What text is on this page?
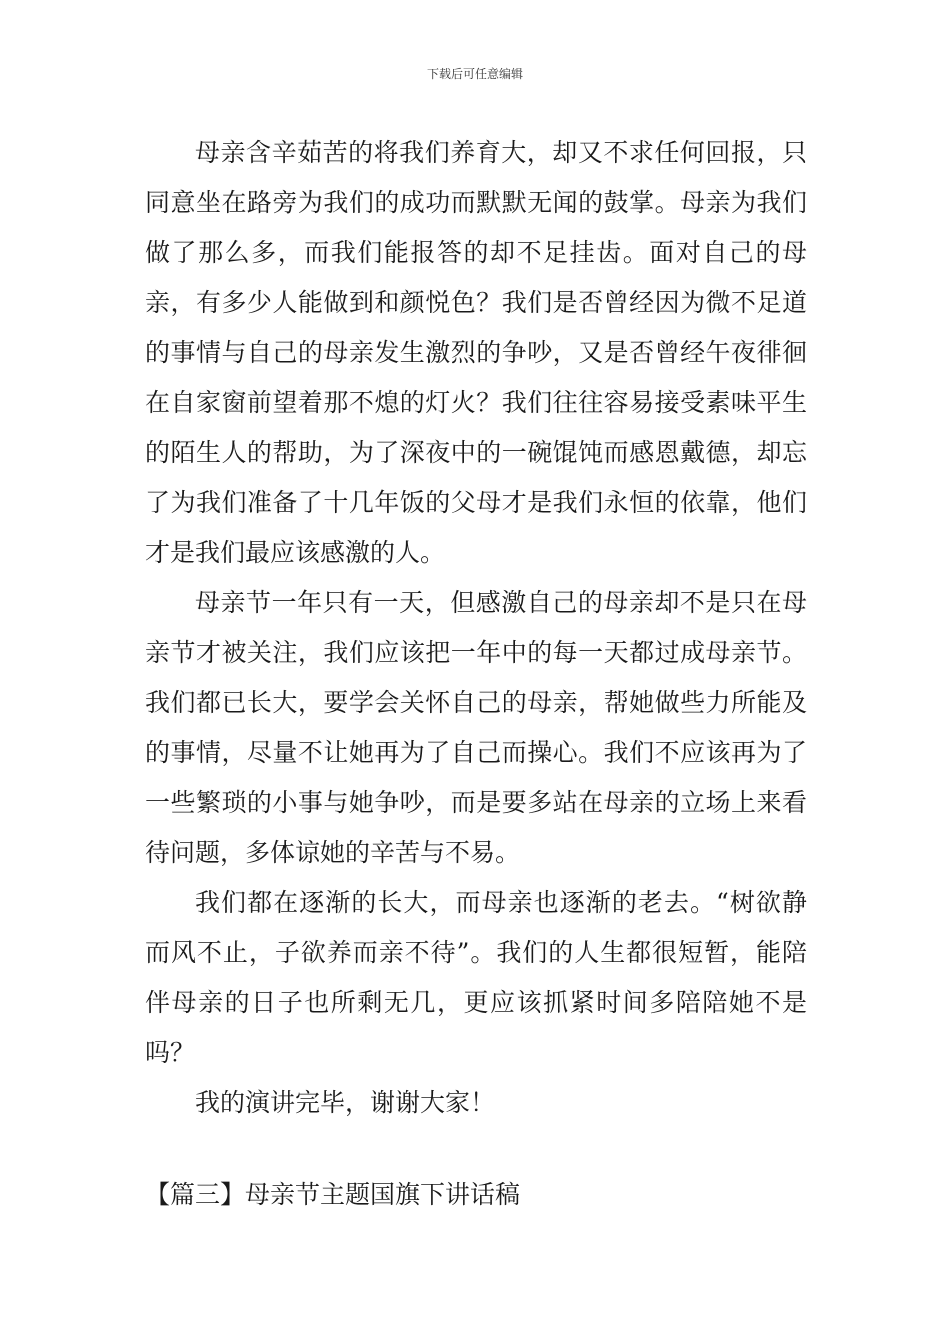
下载后可任意编辑

母亲含辛茹苦的将我们养育大，却又不求任何回报，只同意坐在路旁为我们的成功而默默无闻的鼓掌。母亲为我们做了那么多，而我们能报答的却不足挂齿。面对自己的母亲，有多少人能做到和颜悦色？我们是否曾经因为微不足道的事情与自己的母亲发生激烈的争吵，又是否曾经午夜徘徊在自家窗前望着那不熄的灯火？我们往往容易接受素味平生的陌生人的帮助，为了深夜中的一碗馄饨而感恩戴德，却忘了为我们准备了十几年饭的父母才是我们永恒的依靠，他们才是我们最应该感激的人。

母亲节一年只有一天，但感激自己的母亲却不是只在母亲节才被关注，我们应该把一年中的每一天都过成母亲节。我们都已长大，要学会关怀自己的母亲，帮她做些力所能及的事情，尽量不让她再为了自己而操心。我们不应该再为了一些繁琐的小事与她争吵，而是要多站在母亲的立场上来看待问题，多体谅她的辛苦与不易。

我们都在逐渐的长大，而母亲也逐渐的老去。“树欲静而风不止，子欲养而亲不待”。我们的人生都很短暂，能陪伴母亲的日子也所剩无几，更应该抓紧时间多陪陪她不是吗？

我的演讲完毕，谢谢大家！

【篇三】母亲节主题国旗下讲话稿
